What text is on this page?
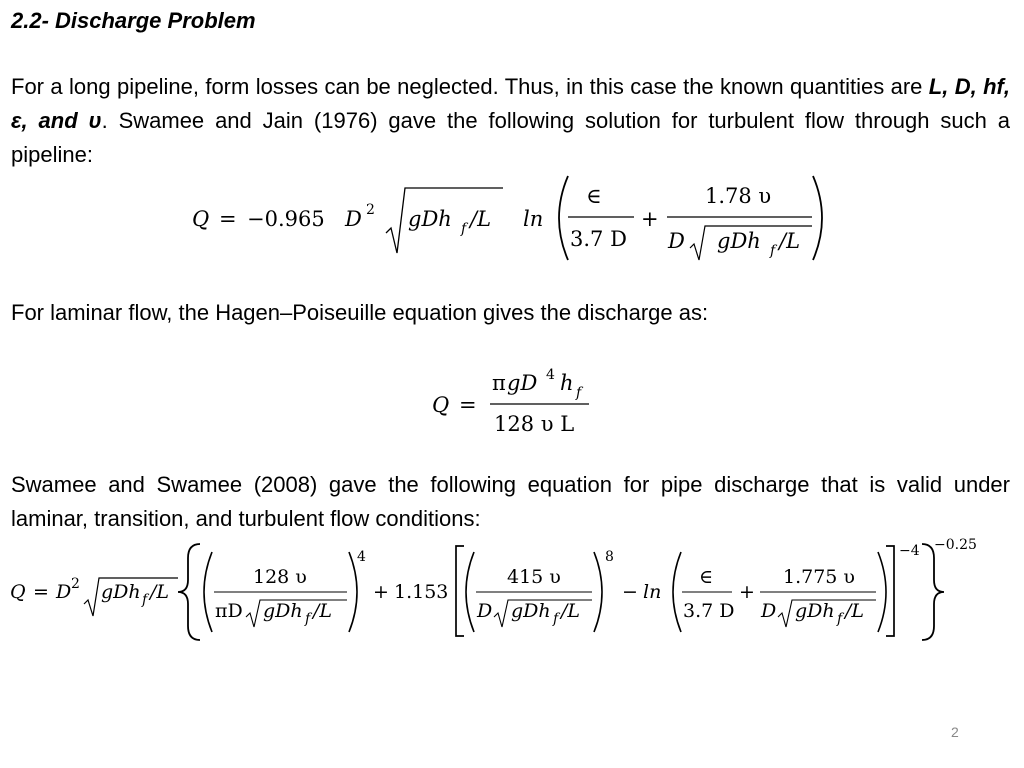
2.2- Discharge Problem

For a long pipeline, form losses can be neglected. Thus, in this case the known quantities are L, D, hf, ε, and υ. Swamee and Jain (1976) gave the following solution for turbulent flow through such a pipeline:

Q = −0.965 D 2 gDh f /L ln
∈
3.7 D
+
1.78 υ
D gDh f /L

For laminar flow, the Hagen–Poiseuille equation gives the discharge as:

Q =
π gD 4 h f
128 υ L

Swamee and Swamee (2008) gave the following equation for pipe discharge that is valid under laminar, transition, and turbulent flow conditions:

Q = D 2 gDh f /L
128 υ
πD gDh f /L
4
+ 1.153
415 υ
D gDh f /L
8
− ln
∈
3.7 D
+
1.775 υ
D gDh f /L
−4 −0.25
2
